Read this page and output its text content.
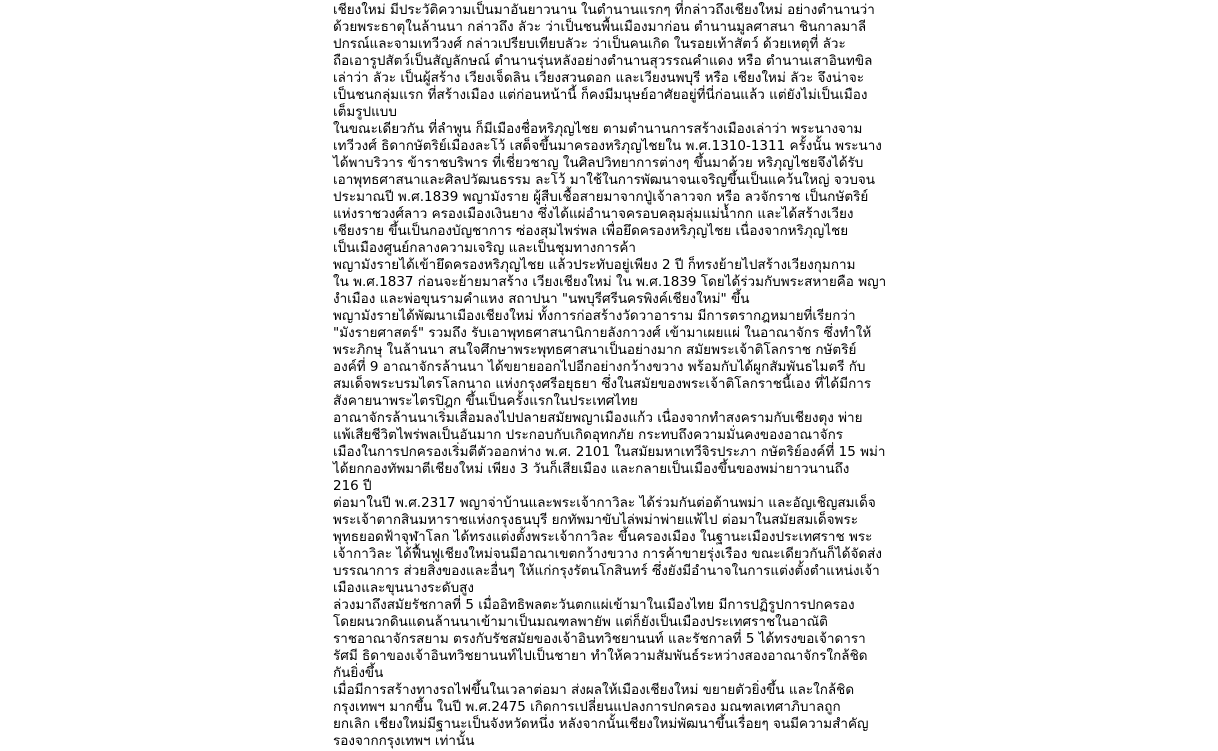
เชียงใหม่ มีประวัติความเป็นมาอันยาวนาน ในตำนานแรกๆ ที่กล่าวถึงเชียงใหม่ อย่างตำนานว่า
ด้วยพระธาตุในล้านนา กล่าวถึง ลัวะ ว่าเป็นชนพื้นเมืองมาก่อน ตำนานมูลศาสนา ชินกาลมาลี
ปกรณ์และจามเทวีวงศ์ กล่าวเปรียบเทียบลัวะ ว่าเป็นคนเกิด ในรอยเท้าสัตว์ ด้วยเหตุที่ ลัวะ
ถือเอารูปสัตว์เป็นสัญลักษณ์ ตำนานรุ่นหลังอย่างตำนานสุวรรณคำแดง หรือ ตำนานเสาอินทขิล
เล่าว่า ลัวะ เป็นผู้สร้าง เวียงเจ็ดลิน เวียงสวนดอก และเวียงนพบุรี หรือ เชียงใหม่ ลัวะ จึงน่าจะ
เป็นชนกลุ่มแรก ที่สร้างเมือง แต่ก่อนหน้านี้ ก็คงมีมนุษย์อาศัยอยู่ที่นี่ก่อนแล้ว แต่ยังไม่เป็นเมือง
เต็มรูปแบบ
ในขณะเดียวกัน ที่ลำพูน ก็มีเมืองชื่อหริภุญไชย ตามตำนานการสร้างเมืองเล่าว่า พระนางจาม
เทวีวงศ์ ธิดากษัตริย์เมืองละโว้ เสด็จขึ้นมาครองหริภุญไชยใน พ.ศ.1310-1311 ครั้งนั้น พระนาง
ได้พาบริวาร ข้าราชบริพาร ที่เชี่ยวชาญ ในศิลปวิทยาการต่างๆ ขึ้นมาด้วย หริภุญไชยจึงได้รับ
เอาพุทธศาสนาและศิลปวัฒนธรรม ละโว้ มาใช้ในการพัฒนาจนเจริญขึ้นเป็นแคว้นใหญ่ จวบจน
ประมาณปี พ.ศ.1839 พญามังราย ผู้สืบเชื้อสายมาจากปู่เจ้าลาวจก หรือ ลวจักราช เป็นกษัตริย์
แห่งราชวงศ์ลาว ครองเมืองเงินยาง ซึ่งได้แผ่อำนาจครอบคลุมลุ่มแม่น้ำกก และได้สร้างเวียง
เชียงราย ขึ้นเป็นกองบัญชาการ ซ่องสุมไพร่พล เพื่อยึดครองหริภุญไชย เนื่องจากหริภุญไชย
เป็นเมืองศูนย์กลางความเจริญ และเป็นชุมทางการค้า
พญามังรายได้เข้ายึดครองหริภุญไชย แล้วประทับอยู่เพียง 2 ปี ก็ทรงย้ายไปสร้างเวียงกุมกาม
ใน พ.ศ.1837 ก่อนจะย้ายมาสร้าง เวียงเชียงใหม่ ใน พ.ศ.1839 โดยได้ร่วมกับพระสหายคือ พญา
งำเมือง และพ่อขุนรามคำแหง สถาปนา "นพบุรีศรีนครพิงค์เชียงใหม่" ขึ้น
พญามังรายได้พัฒนาเมืองเชียงใหม่ ทั้งการก่อสร้างวัดวาอาราม มีการตรากฎหมายที่เรียกว่า
"มังรายศาสตร์" รวมถึง รับเอาพุทธศาสนานิกายลังกาวงศ์ เข้ามาเผยแผ่ ในอาณาจักร ซึ่งทำให้
พระภิกษุ ในล้านนา สนใจศึกษาพระพุทธศาสนาเป็นอย่างมาก สมัยพระเจ้าติโลกราช กษัตริย์
องค์ที่ 9 อาณาจักรล้านนา ได้ขยายออกไปอีกอย่างกว้างขวาง พร้อมกับได้ผูกสัมพันธไมตรี กับ
สมเด็จพระบรมไตรโลกนาถ แห่งกรุงศรีอยุธยา ซึ่งในสมัยของพระเจ้าติโลกราชนี้เอง ที่ได้มีการ
สังคายนาพระไตรปิฎก ขึ้นเป็นครั้งแรกในประเทศไทย
อาณาจักรล้านนาเริ่มเสื่อมลงไปปลายสมัยพญาเมืองแก้ว เนื่องจากทำสงครามกับเชียงตุง พ่าย
แพ้เสียชีวิตไพร่พลเป็นอันมาก ประกอบกับเกิดอุทกภัย กระทบถึงความมั่นคงของอาณาจักร
เมืองในการปกครองเริ่มตีตัวออกห่าง พ.ศ. 2101 ในสมัยมหาเทวีจิรประภา กษัตริย์องค์ที่ 15 พม่า
ได้ยกกองทัพมาตีเชียงใหม่ เพียง 3 วันก็เสียเมือง และกลายเป็นเมืองขึ้นของพม่ายาวนานถึง
216 ปี
ต่อมาในปี พ.ศ.2317 พญาจ่าบ้านและพระเจ้ากาวิละ ได้ร่วมกันต่อต้านพม่า และอัญเชิญสมเด็จ
พระเจ้าตากสินมหาราชแห่งกรุงธนบุรี ยกทัพมาขับไล่พม่าพ่ายแพ้ไป ต่อมาในสมัยสมเด็จพระ
พุทธยอดฟ้าจุฬาโลก ได้ทรงแต่งตั้งพระเจ้ากาวิละ ขึ้นครองเมือง ในฐานะเมืองประเทศราช พระ
เจ้ากาวิละ ได้ฟื้นฟูเชียงใหม่จนมีอาณาเขตกว้างขวาง การค้าขายรุ่งเรือง ขณะเดียวกันก็ได้จัดส่ง
บรรณาการ ส่วยสิ่งของและอื่นๆ ให้แก่กรุงรัตนโกสินทร์ ซึ่งยังมีอำนาจในการแต่งตั้งตำแหน่งเจ้า
เมืองและขุนนางระดับสูง
ล่วงมาถึงสมัยรัชกาลที่ 5 เมื่ออิทธิพลตะวันตกแผ่เข้ามาในเมืองไทย มีการปฏิรูปการปกครอง
โดยผนวกดินแดนล้านนาเข้ามาเป็นมณฑลพายัพ แต่ก็ยังเป็นเมืองประเทศราชในอาณัติ
ราชอาณาจักรสยาม ตรงกับรัชสมัยของเจ้าอินทวิชยานนท์ และรัชกาลที่ 5 ได้ทรงขอเจ้าดารา
รัศมี ธิดาของเจ้าอินทวิชยานนท์ไปเป็นชายา ทำให้ความสัมพันธ์ระหว่างสองอาณาจักรใกล้ชิด
กันยิ่งขึ้น
เมื่อมีการสร้างทางรถไฟขึ้นในเวลาต่อมา ส่งผลให้เมืองเชียงใหม่ ขยายตัวยิ่งขึ้น และใกล้ชิด
กรุงเทพฯ มากขึ้น ในปี พ.ศ.2475 เกิดการเปลี่ยนแปลงการปกครอง มณฑลเทศาภิบาลถูก
ยกเลิก เชียงใหม่มีฐานะเป็นจังหวัดหนึ่ง หลังจากนั้นเชียงใหม่พัฒนาขึ้นเรื่อยๆ จนมีความสำคัญ
รองจากกรุงเทพฯ เท่านั้น
